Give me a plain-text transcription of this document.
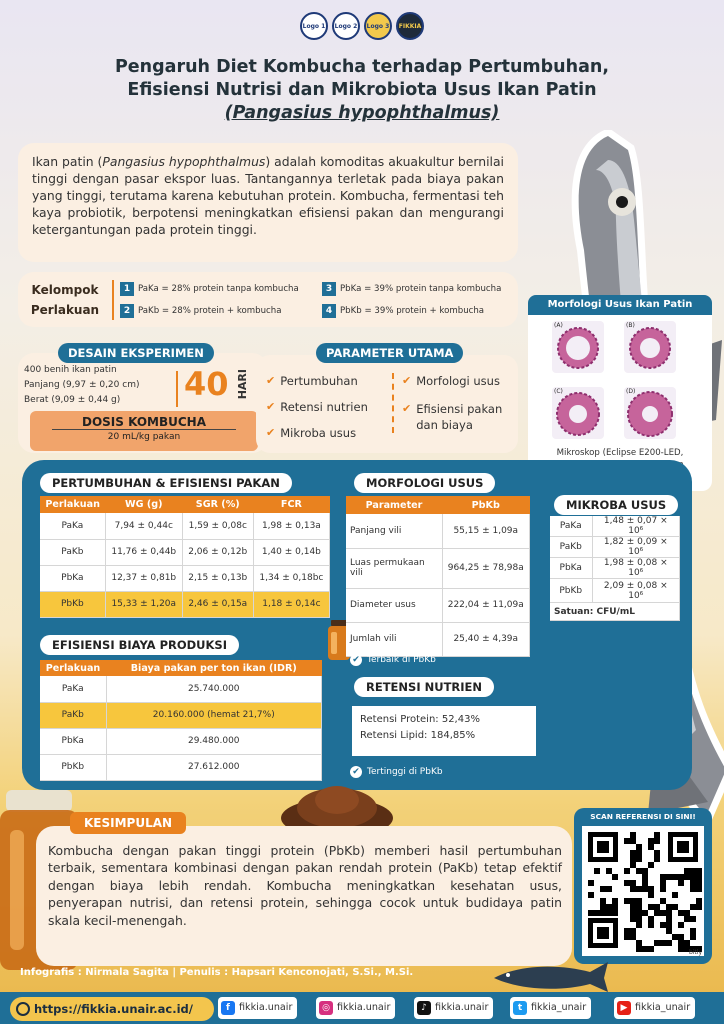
Logo 1	Logo 2	Logo 3	FIKKIA
Pengaruh Diet Kombucha terhadap Pertumbuhan,
Efisiensi Nutrisi dan Mikrobiota Usus Ikan Patin
(Pangasius hypophthalmus)
Ikan patin (Pangasius hypophthalmus) adalah komoditas akuakultur bernilai tinggi dengan pasar ekspor luas. Tantangannya terletak pada biaya pakan yang tinggi, terutama karena kebutuhan protein. Kombucha, fermentasi teh kaya probiotik, berpotensi meningkatkan efisiensi pakan dan mengurangi ketergantungan pada protein tinggi.
Kelompok
Perlakuan
1 PaKa = 28% protein tanpa kombucha	3 PbKa = 39% protein tanpa kombucha
2 PaKb = 28% protein + kombucha	4 PbKb = 39% protein + kombucha
DESAIN EKSPERIMEN
400 benih ikan patin
Panjang (9,97 ± 0,20 cm)
Berat (9,09 ± 0,44 g)	40 HARI
DOSIS KOMBUCHA
20 mL/kg pakan
PARAMETER UTAMA
✔ Pertumbuhan
✔ Retensi nutrien
✔ Mikroba usus
✔ Morfologi usus
✔ Efisiensi pakan
dan biaya
Morfologi Usus Ikan Patin
(A)	(B)
(C)	(D)
Mikroskop (Eclipse E200-LED,
PERTUMBUHAN & EFISIENSI PAKAN
Perlakuan	WG (g)	SGR (%)	FCR
PaKa	7,94 ± 0,44c	1,59 ± 0,08c	1,98 ± 0,13a
PaKb	11,76 ± 0,44b	2,06 ± 0,12b	1,40 ± 0,14b
PbKa	12,37 ± 0,81b	2,15 ± 0,13b	1,34 ± 0,18bc
PbKb	15,33 ± 1,20a	2,46 ± 0,15a	1,18 ± 0,14c
EFISIENSI BIAYA PRODUKSI
Perlakuan	Biaya pakan per ton ikan (IDR)
PaKa	25.740.000
PaKb	20.160.000 (hemat 21,7%)
PbKa	29.480.000
PbKb	27.612.000
MORFOLOGI USUS
Parameter	PbKb
Panjang vili	55,15 ± 1,09a
Luas permukaan vili	964,25 ± 78,98a
Diameter usus	222,04 ± 11,09a
Jumlah vili	25,40 ± 4,39a
✔ Terbaik di PbKb
RETENSI NUTRIEN
Retensi Protein: 52,43%
Retensi Lipid: 184,85%
✔ Tertinggi di PbKb
MIKROBA USUS
PaKa	1,48 ± 0,07 × 10⁶
PaKb	1,82 ± 0,09 × 10⁶
PbKa	1,98 ± 0,08 × 10⁶
PbKb	2,09 ± 0,08 × 10⁶
Satuan: CFU/mL	
KESIMPULAN
Kombucha dengan pakan tinggi protein (PbKb) memberi hasil pertumbuhan terbaik, sementara kombinasi dengan pakan rendah protein (PaKb) tetap efektif dengan biaya lebih rendah. Kombucha meningkatkan kesehatan usus, penyerapan nutrisi, dan retensi protein, sehingga cocok untuk budidaya patin skala kecil-menengah.
SCAN REFERENSI DI SINI!
bitly
Infografis : Nirmala Sagita | Penulis : Hapsari Kenconojati, S.Si., M.Si.
https://fikkia.unair.ac.id/	f fikkia.unair	◎ fikkia.unair	♪ fikkia.unair	t fikkia_unair	▶ fikkia_unair
